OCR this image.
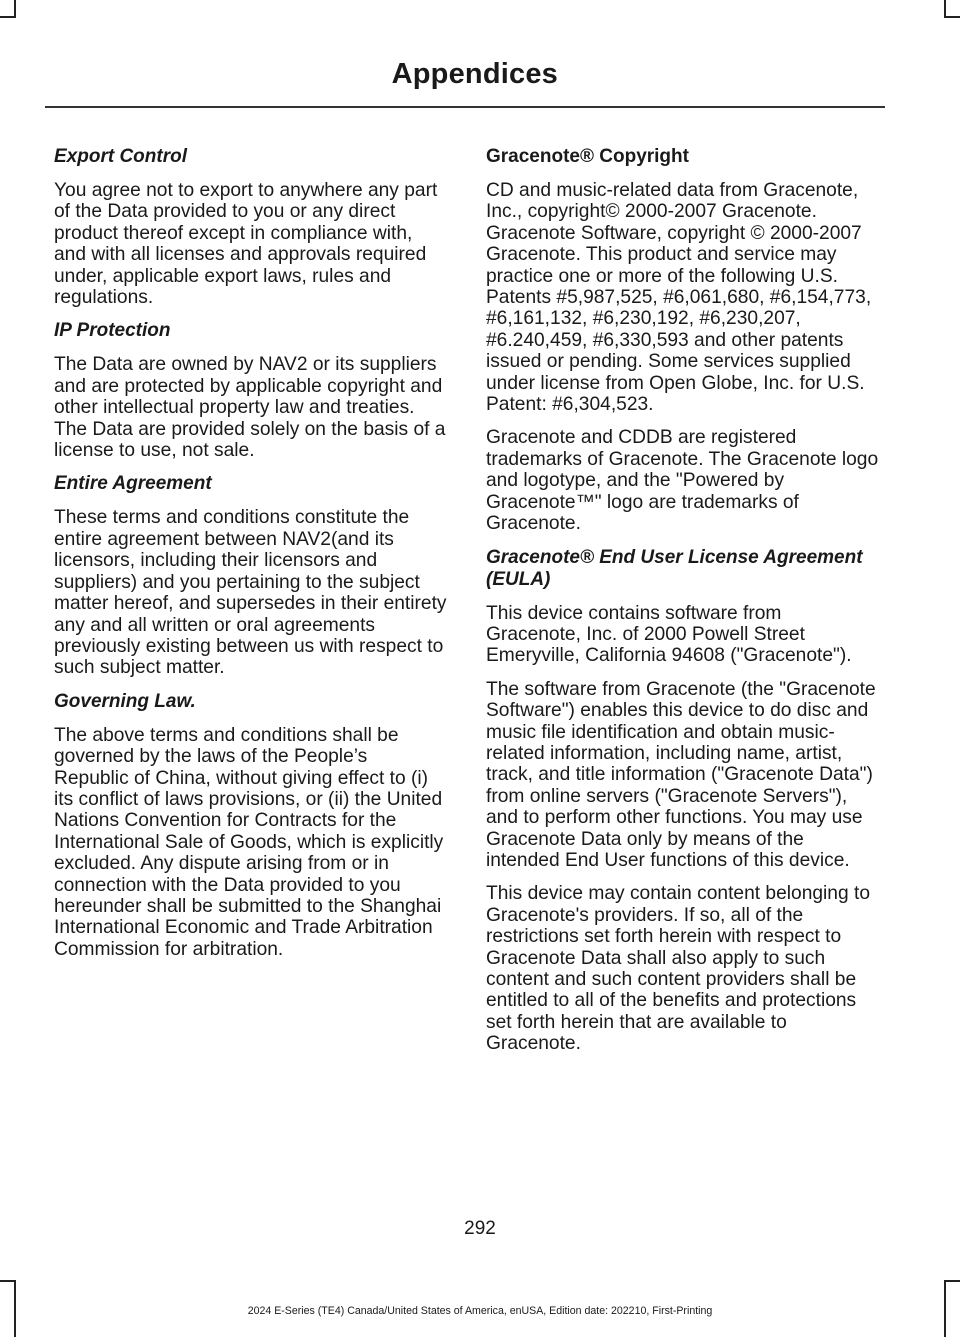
Appendices
Export Control

You agree not to export to anywhere any part of the Data provided to you or any direct product thereof except in compliance with, and with all licenses and approvals required under, applicable export laws, rules and regulations.

IP Protection

The Data are owned by NAV2 or its suppliers and are protected by applicable copyright and other intellectual property law and treaties. The Data are provided solely on the basis of a license to use, not sale.

Entire Agreement

These terms and conditions constitute the entire agreement between NAV2(and its licensors, including their licensors and suppliers) and you pertaining to the subject matter hereof, and supersedes in their entirety any and all written or oral agreements previously existing between us with respect to such subject matter.

Governing Law.

The above terms and conditions shall be governed by the laws of the People’s Republic of China, without giving effect to (i) its conflict of laws provisions, or (ii) the United Nations Convention for Contracts for the International Sale of Goods, which is explicitly excluded. Any dispute arising from or in connection with the Data provided to you hereunder shall be submitted to the Shanghai International Economic and Trade Arbitration Commission for arbitration.

Gracenote® Copyright

CD and music-related data from Gracenote, Inc., copyright© 2000-2007 Gracenote. Gracenote Software, copyright © 2000-2007 Gracenote. This product and service may practice one or more of the following U.S. Patents #5,987,525, #6,061,680, #6,154,773, #6,161,132, #6,230,192, #6,230,207, #6.240,459, #6,330,593 and other patents issued or pending. Some services supplied under license from Open Globe, Inc. for U.S. Patent: #6,304,523.

Gracenote and CDDB are registered trademarks of Gracenote. The Gracenote logo and logotype, and the "Powered by Gracenote™" logo are trademarks of Gracenote.

Gracenote® End User License Agreement (EULA)

This device contains software from Gracenote, Inc. of 2000 Powell Street Emeryville, California 94608 ("Gracenote").

The software from Gracenote (the "Gracenote Software") enables this device to do disc and music file identification and obtain music-related information, including name, artist, track, and title information ("Gracenote Data") from online servers ("Gracenote Servers"), and to perform other functions. You may use Gracenote Data only by means of the intended End User functions of this device.

This device may contain content belonging to Gracenote's providers. If so, all of the restrictions set forth herein with respect to Gracenote Data shall also apply to such content and such content providers shall be entitled to all of the benefits and protections set forth herein that are available to Gracenote.

292
2024 E-Series (TE4) Canada/United States of America, enUSA, Edition date: 202210, First-Printing
